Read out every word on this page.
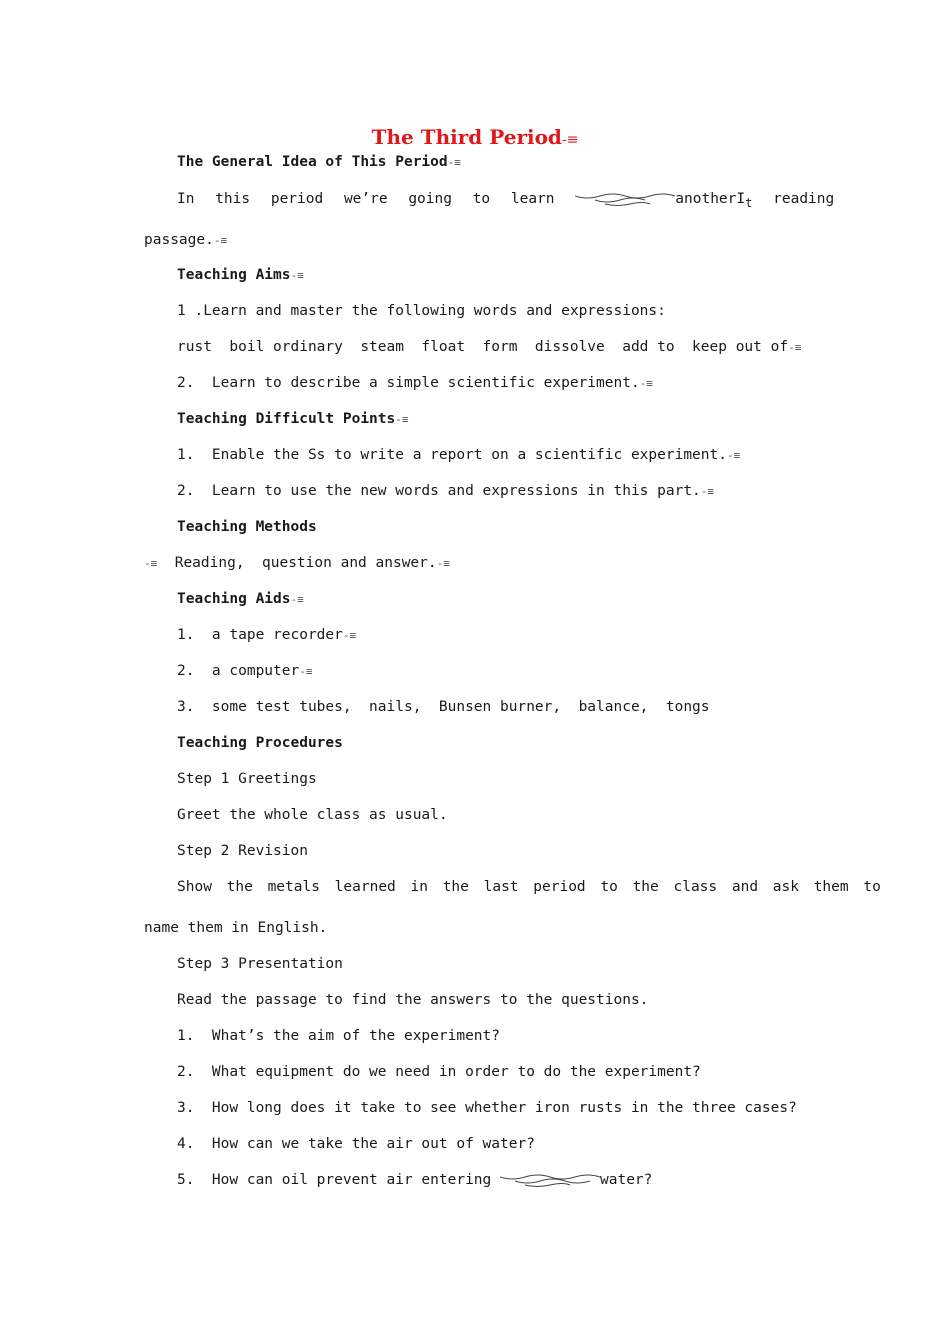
The Third Period-≡
The General Idea of This Period-≡
In this period we’re going to learn	anotherI$_t$ reading
passage.-≡
Teaching Aims-≡
1 .Learn and master the following words and expressions:
rust  boil ordinary  steam  float  form  dissolve  add to  keep out of-≡
2.  Learn to describe a simple scientific experiment.-≡
Teaching Difficult Points-≡
1.  Enable the Ss to write a report on a scientific experiment.-≡
2.  Learn to use the new words and expressions in this part.-≡
Teaching Methods
-≡ Reading,  question and answer.-≡
Teaching Aids-≡
1.  a tape recorder-≡
2.  a computer-≡
3.  some test tubes,  nails,  Bunsen burner,  balance,  tongs
Teaching Procedures
Step 1 Greetings
Greet the whole class as usual.
Step 2 Revision
Show the metals learned in the last period to the class and ask them to
name them in English.
Step 3 Presentation
Read the passage to find the answers to the questions.
1.  What’s the aim of the experiment?
2.  What equipment do we need in order to do the experiment?
3.  How long does it take to see whether iron rusts in the three cases?
4.  How can we take the air out of water?
5.  How can oil prevent air entering	water?
